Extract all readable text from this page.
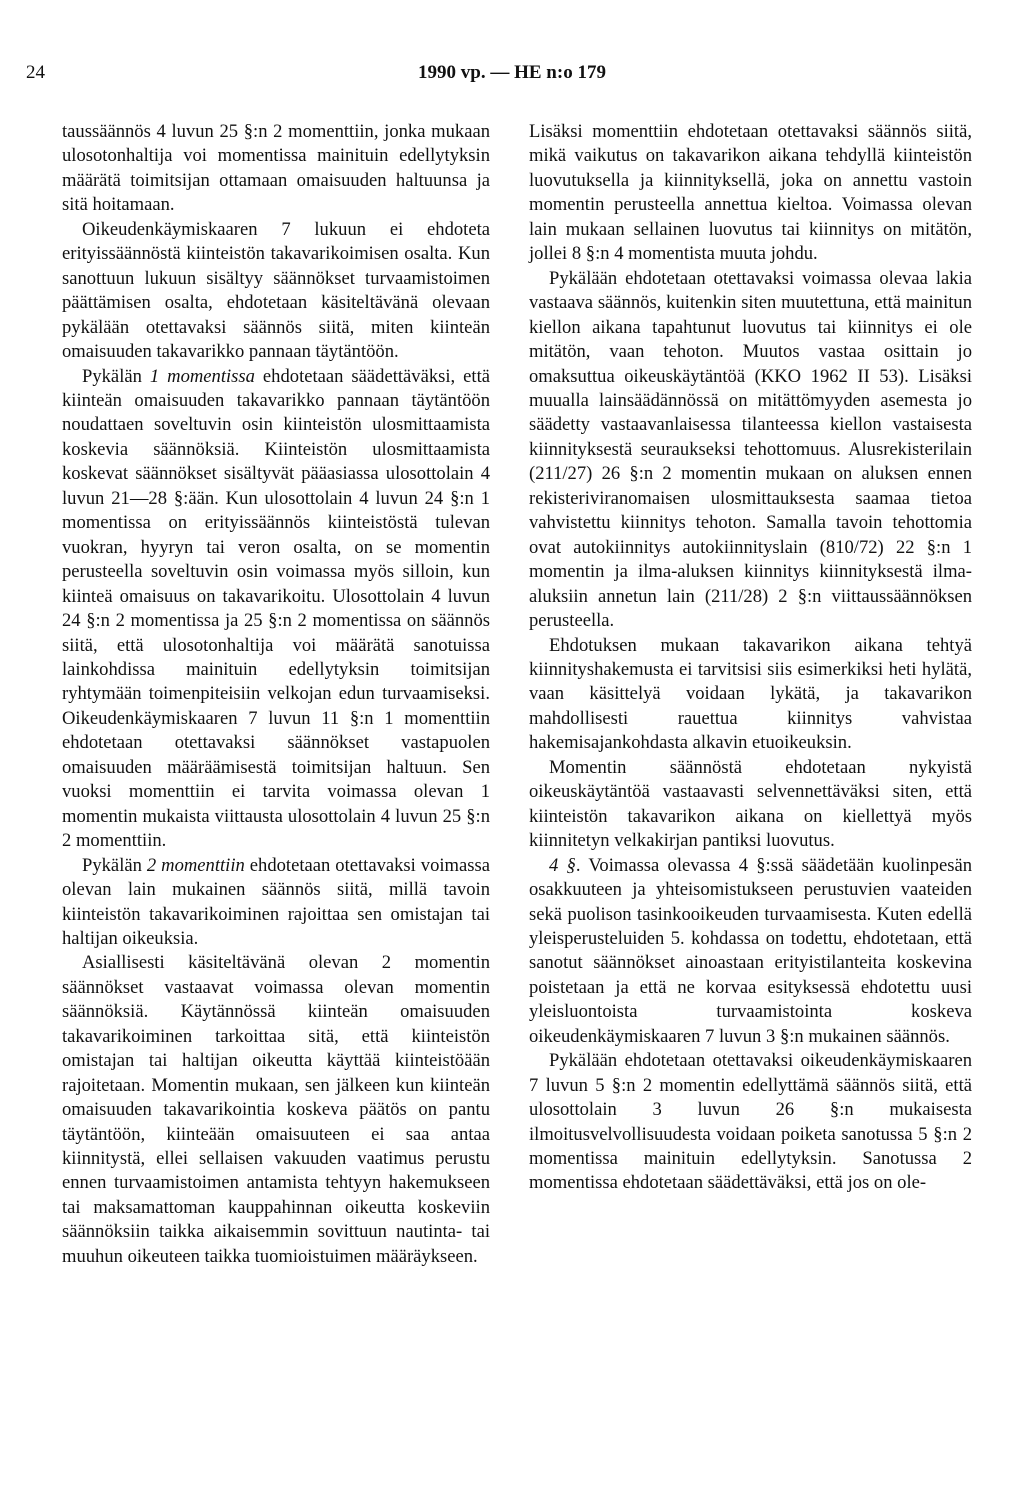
24	1990 vp. — HE n:o 179

taussäännös 4 luvun 25 §:n 2 momenttiin, jonka mukaan ulosotonhaltija voi momentissa mainituin edellytyksin määrätä toimitsijan ottamaan omaisuuden haltuunsa ja sitä hoitamaan.

Oikeudenkäymiskaaren 7 lukuun ei ehdoteta erityissäännöstä kiinteistön takavarikoimisen osalta. Kun sanottuun lukuun sisältyy säännökset turvaamistoimen päättämisen osalta, ehdotetaan käsiteltävänä olevaan pykälään otettavaksi säännös siitä, miten kiinteän omaisuuden takavarikko pannaan täytäntöön.

Pykälän 1 momentissa ehdotetaan säädettäväksi, että kiinteän omaisuuden takavarikko pannaan täytäntöön noudattaen soveltuvin osin kiinteistön ulosmittaamista koskevia säännöksiä. Kiinteistön ulosmittaamista koskevat säännökset sisältyvät pääasiassa ulosottolain 4 luvun 21—28 §:ään. Kun ulosottolain 4 luvun 24 §:n 1 momentissa on erityissäännös kiinteistöstä tulevan vuokran, hyyryn tai veron osalta, on se momentin perusteella soveltuvin osin voimassa myös silloin, kun kiinteä omaisuus on takavarikoitu. Ulosottolain 4 luvun 24 §:n 2 momentissa ja 25 §:n 2 momentissa on säännös siitä, että ulosotonhaltija voi määrätä sanotuissa lainkohdissa mainituin edellytyksin toimitsijan ryhtymään toimenpiteisiin velkojan edun turvaamiseksi. Oikeudenkäymiskaaren 7 luvun 11 §:n 1 momenttiin ehdotetaan otettavaksi säännökset vastapuolen omaisuuden määräämisestä toimitsijan haltuun. Sen vuoksi momenttiin ei tarvita voimassa olevan 1 momentin mukaista viittausta ulosottolain 4 luvun 25 §:n 2 momenttiin.

Pykälän 2 momenttiin ehdotetaan otettavaksi voimassa olevan lain mukainen säännös siitä, millä tavoin kiinteistön takavarikoiminen rajoittaa sen omistajan tai haltijan oikeuksia.

Asiallisesti käsiteltävänä olevan 2 momentin säännökset vastaavat voimassa olevan momentin säännöksiä. Käytännössä kiinteän omaisuuden takavarikoiminen tarkoittaa sitä, että kiinteistön omistajan tai haltijan oikeutta käyttää kiinteistöään rajoitetaan. Momentin mukaan, sen jälkeen kun kiinteän omaisuuden takavarikointia koskeva päätös on pantu täytäntöön, kiinteään omaisuuteen ei saa antaa kiinnitystä, ellei sellaisen vakuuden vaatimus perustu ennen turvaamistoimen antamista tehtyyn hakemukseen tai maksamattoman kauppahinnan oikeutta koskeviin säännöksiin taikka aikaisemmin sovittuun nautinta- tai muuhun oikeuteen taikka tuomioistuimen määräykseen.

Lisäksi momenttiin ehdotetaan otettavaksi säännös siitä, mikä vaikutus on takavarikon aikana tehdyllä kiinteistön luovutuksella ja kiinnityksellä, joka on annettu vastoin momentin perusteella annettua kieltoa. Voimassa olevan lain mukaan sellainen luovutus tai kiinnitys on mitätön, jollei 8 §:n 4 momentista muuta johdu.

Pykälään ehdotetaan otettavaksi voimassa olevaa lakia vastaava säännös, kuitenkin siten muutettuna, että mainitun kiellon aikana tapahtunut luovutus tai kiinnitys ei ole mitätön, vaan tehoton. Muutos vastaa osittain jo omaksuttua oikeuskäytäntöä (KKO 1962 II 53). Lisäksi muualla lainsäädännössä on mitättömyyden asemesta jo säädetty vastaavanlaisessa tilanteessa kiellon vastaisesta kiinnityksestä seuraukseksi tehottomuus. Alusrekisterilain (211/27) 26 §:n 2 momentin mukaan on aluksen ennen rekisteriviranomaisen ulosmittauksesta saamaa tietoa vahvistettu kiinnitys tehoton. Samalla tavoin tehottomia ovat autokiinnitys autokiinnityslain (810/72) 22 §:n 1 momentin ja ilma-aluksen kiinnitys kiinnityksestä ilma-aluksiin annetun lain (211/28) 2 §:n viittaussäännöksen perusteella.

Ehdotuksen mukaan takavarikon aikana tehtyä kiinnityshakemusta ei tarvitsisi siis esimerkiksi heti hylätä, vaan käsittelyä voidaan lykätä, ja takavarikon mahdollisesti rauettua kiinnitys vahvistaa hakemisajankohdasta alkavin etuoikeuksin.

Momentin säännöstä ehdotetaan nykyistä oikeuskäytäntöä vastaavasti selvennettäväksi siten, että kiinteistön takavarikon aikana on kiellettyä myös kiinnitetyn velkakirjan pantiksi luovutus.

4 §. Voimassa olevassa 4 §:ssä säädetään kuolinpesän osakkuuteen ja yhteisomistukseen perustuvien vaateiden sekä puolison tasinkooikeuden turvaamisesta. Kuten edellä yleisperusteluiden 5. kohdassa on todettu, ehdotetaan, että sanotut säännökset ainoastaan erityistilanteita koskevina poistetaan ja että ne korvaa esityksessä ehdotettu uusi yleisluontoista turvaamistointa koskeva oikeudenkäymiskaaren 7 luvun 3 §:n mukainen säännös.

Pykälään ehdotetaan otettavaksi oikeudenkäymiskaaren 7 luvun 5 §:n 2 momentin edellyttämä säännös siitä, että ulosottolain 3 luvun 26 §:n mukaisesta ilmoitusvelvollisuudesta voidaan poiketa sanotussa 5 §:n 2 momentissa mainituin edellytyksin. Sanotussa 2 momentissa ehdotetaan säädettäväksi, että jos on ole-
